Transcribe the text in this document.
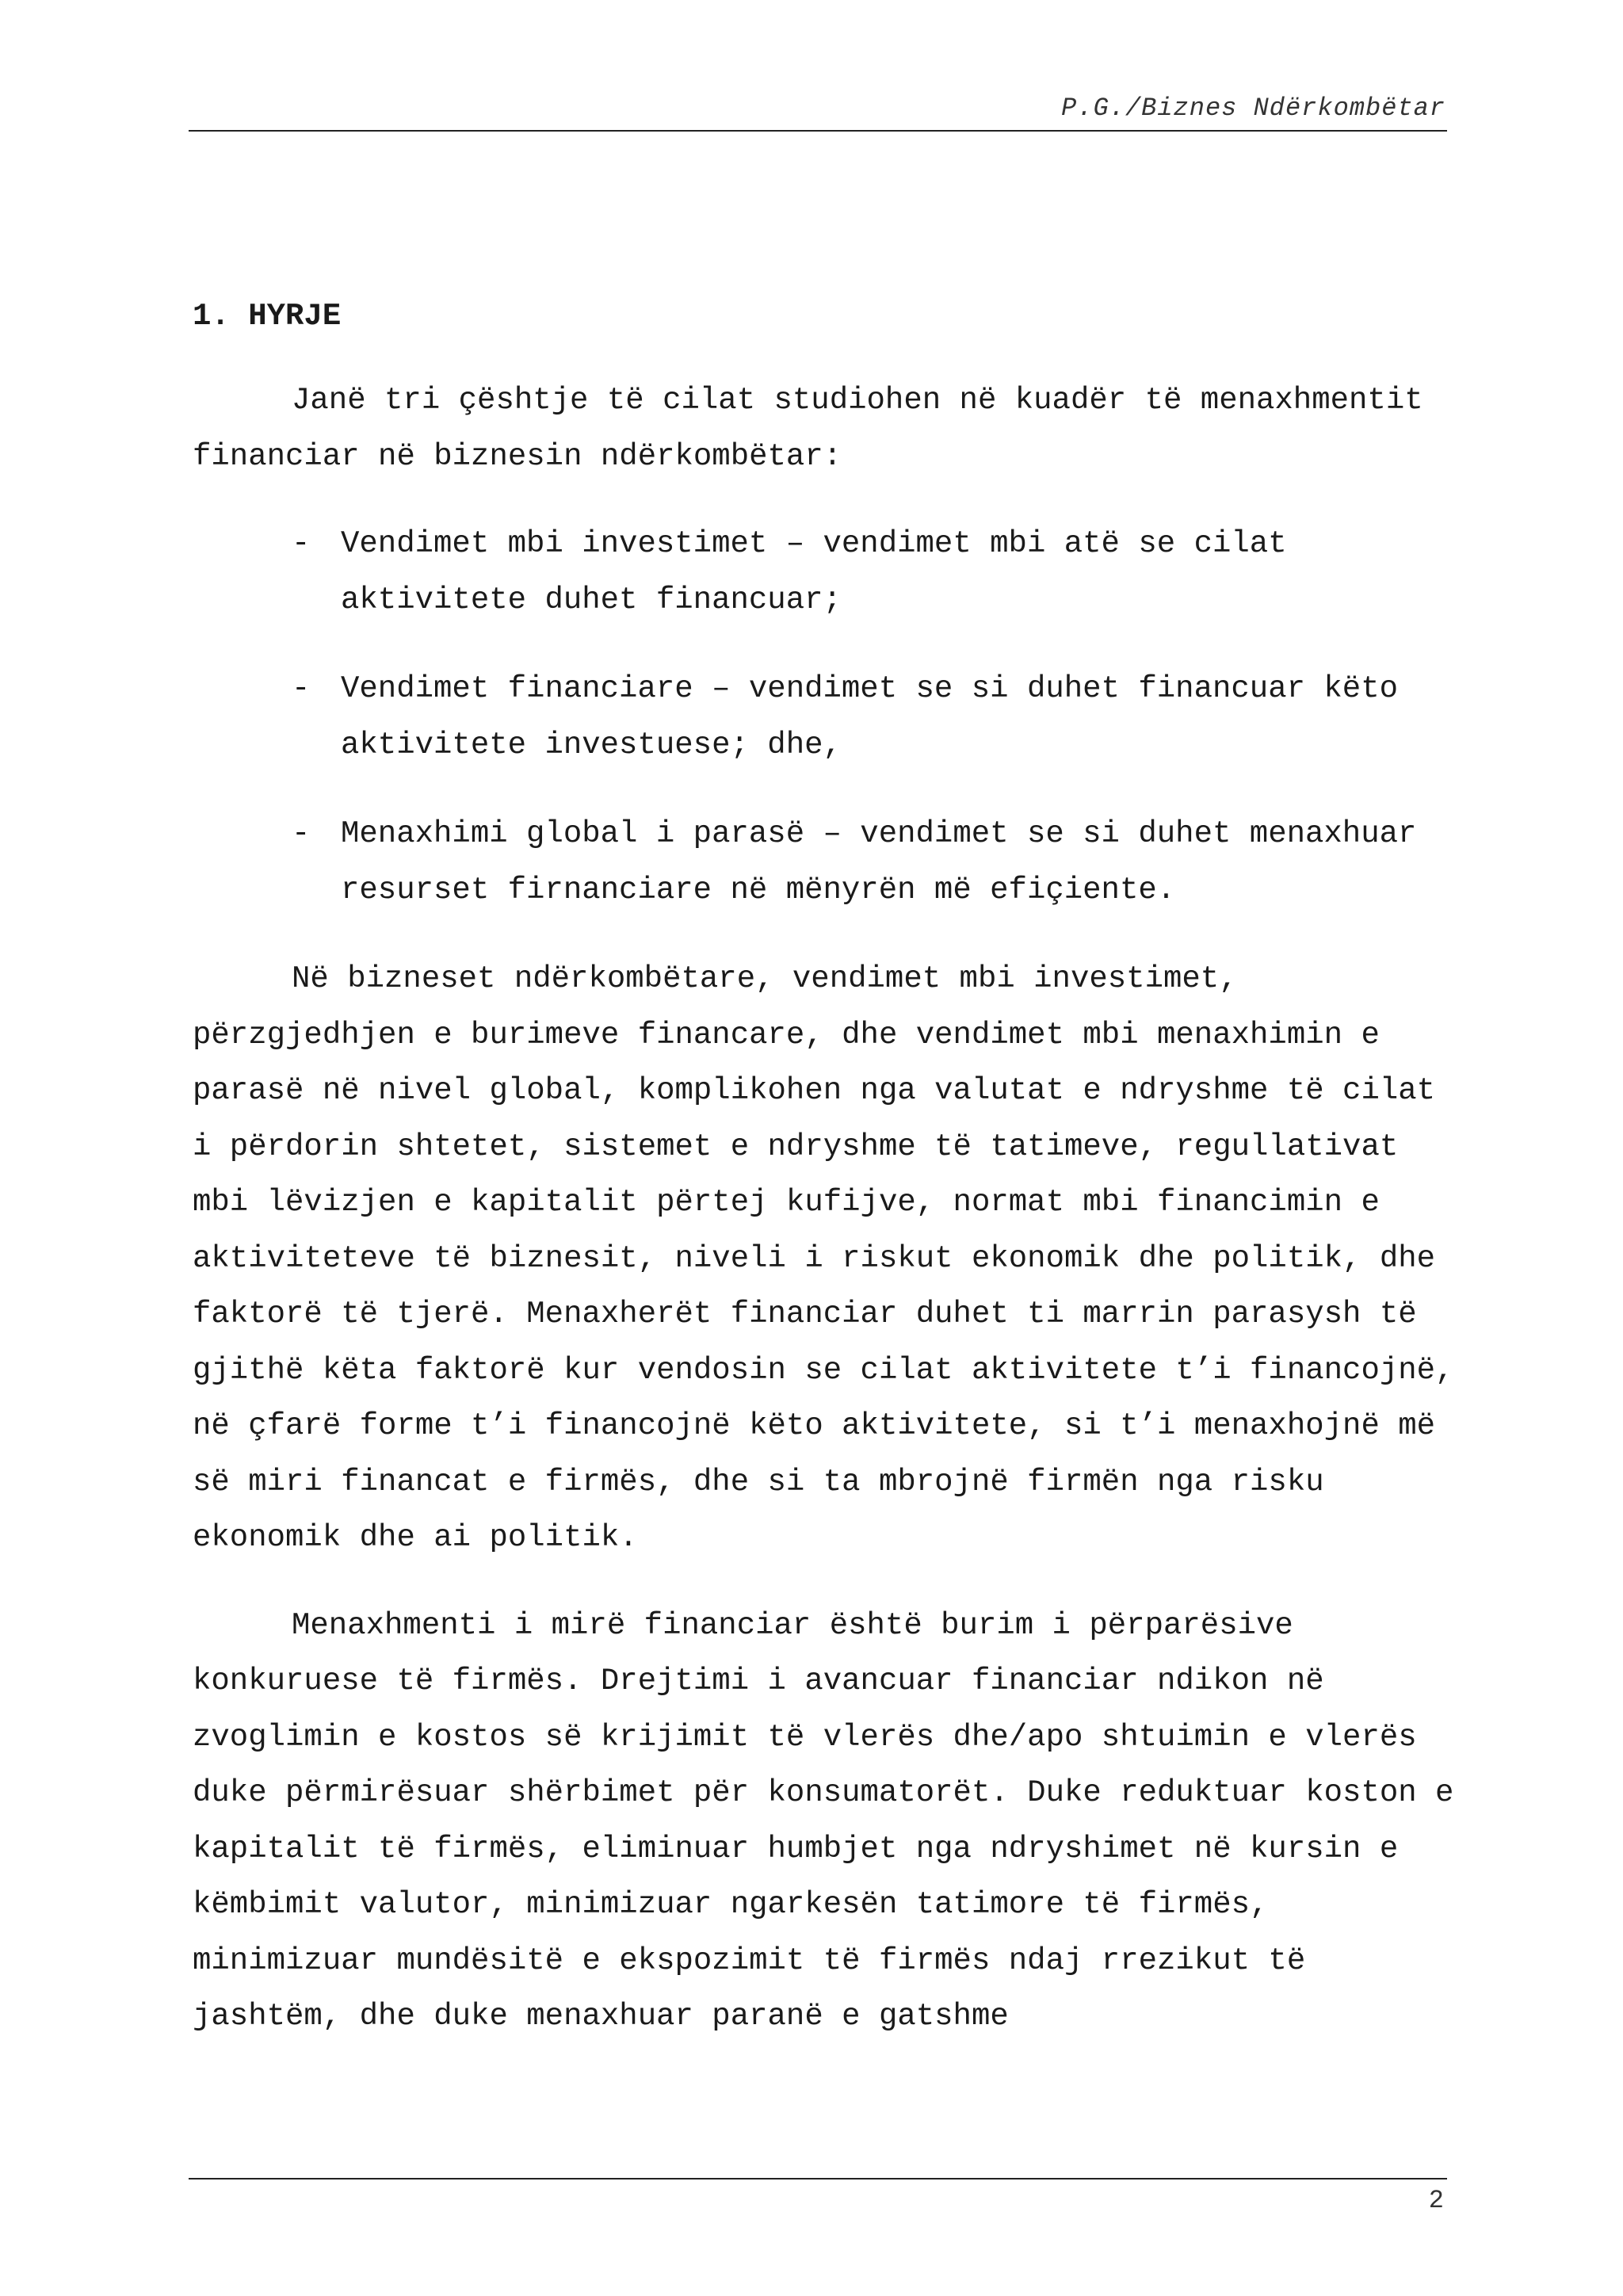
P.G./Biznes Ndërkombëtar
1. HYRJE

Janë tri çështje të cilat studiohen në kuadër të menaxhmentit financiar në biznesin ndërkombëtar:

- Vendimet mbi investimet – vendimet mbi atë se cilat aktivitete duhet financuar;
- Vendimet financiare – vendimet se si duhet financuar këto aktivitete investuese; dhe,
- Menaxhimi global i parasë – vendimet se si duhet menaxhuar resurset firnanciare në mënyrën më efiçiente.

Në bizneset ndërkombëtare, vendimet mbi investimet, përzgjedhjen e burimeve financare, dhe vendimet mbi menaxhimin e parasë në nivel global, komplikohen nga valutat e ndryshme të cilat i përdorin shtetet, sistemet e ndryshme të tatimeve, regullativat mbi lëvizjen e kapitalit përtej kufijve, normat mbi financimin e aktiviteteve të biznesit, niveli i riskut ekonomik dhe politik, dhe faktorë të tjerë. Menaxherët financiar duhet ti marrin parasysh të gjithë këta faktorë kur vendosin se cilat aktivitete t’i financojnë, në çfarë forme t’i financojnë këto aktivitete, si t’i menaxhojnë më së miri financat e firmës, dhe si ta mbrojnë firmën nga risku ekonomik dhe ai politik.

Menaxhmenti i mirë financiar është burim i përparësive konkuruese të firmës. Drejtimi i avancuar financiar ndikon në zvoglimin e kostos së krijimit të vlerës dhe/apo shtuimin e vlerës duke përmirësuar shërbimet për konsumatorët. Duke reduktuar koston e kapitalit të firmës, eliminuar humbjet nga ndryshimet në kursin e këmbimit valutor, minimizuar ngarkesën tatimore të firmës, minimizuar mundësitë e ekspozimit të firmës ndaj rrezikut të jashtëm, dhe duke menaxhuar paranë e gatshme

2
